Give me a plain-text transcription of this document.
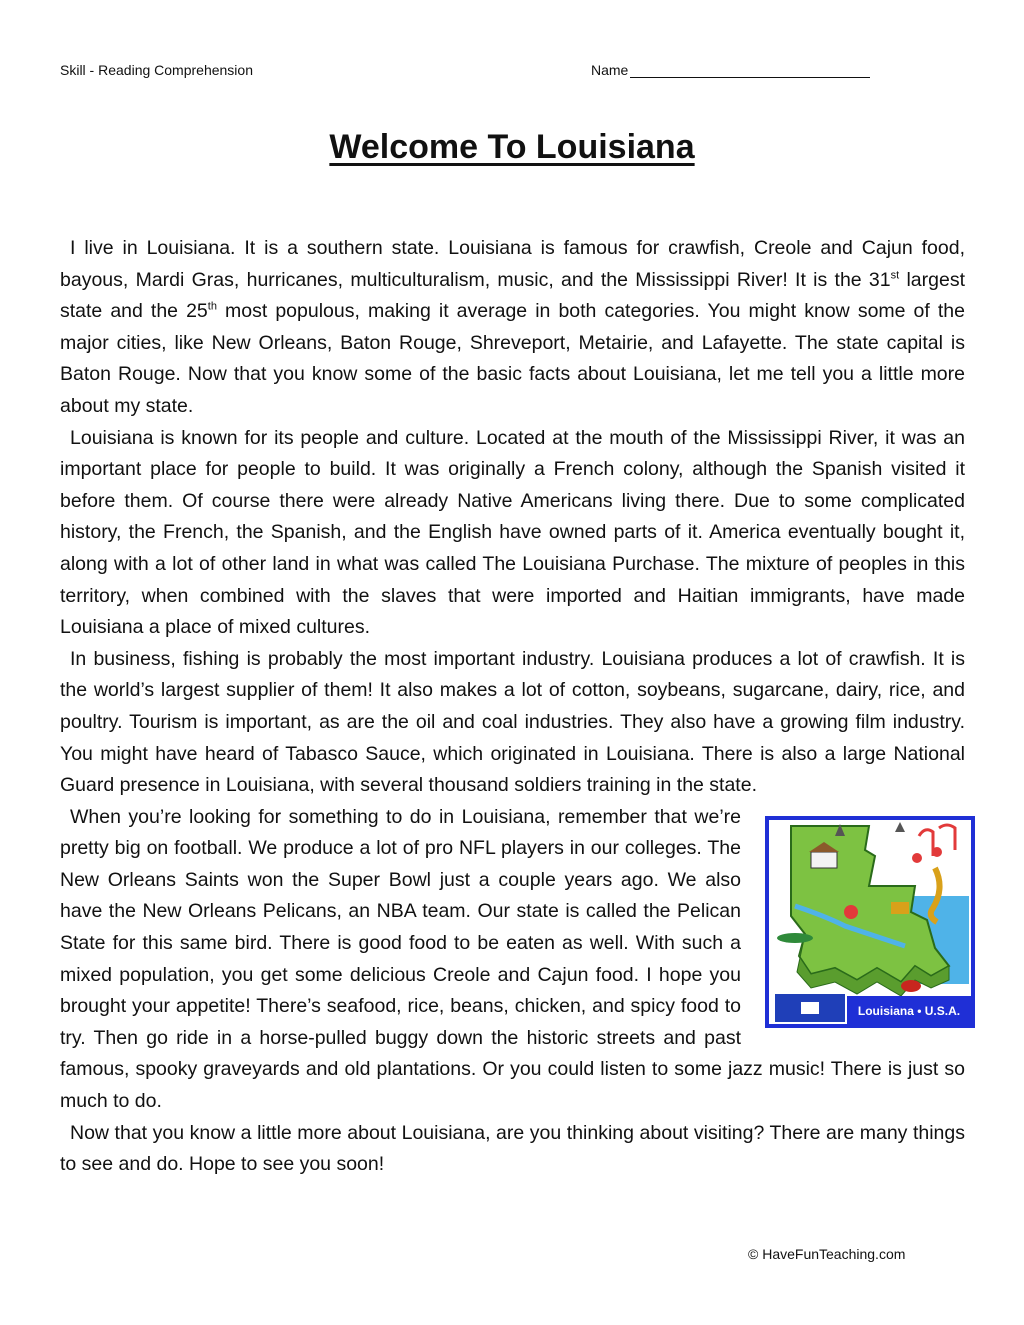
Skill - Reading Comprehension	Name
Welcome To Louisiana

I live in Louisiana. It is a southern state. Louisiana is famous for crawfish, Creole and Cajun food, bayous, Mardi Gras, hurricanes, multiculturalism, music, and the Mississippi River! It is the 31st largest state and the 25th most populous, making it average in both categories. You might know some of the major cities, like New Orleans, Baton Rouge, Shreveport, Metairie, and Lafayette. The state capital is Baton Rouge. Now that you know some of the basic facts about Louisiana, let me tell you a little more about my state.

Louisiana is known for its people and culture. Located at the mouth of the Mississippi River, it was an important place for people to build. It was originally a French colony, although the Spanish visited it before them. Of course there were already Native Americans living there. Due to some complicated history, the French, the Spanish, and the English have owned parts of it. America eventually bought it, along with a lot of other land in what was called The Louisiana Purchase. The mixture of peoples in this territory, when combined with the slaves that were imported and Haitian immigrants, have made Louisiana a place of mixed cultures.

In business, fishing is probably the most important industry. Louisiana produces a lot of crawfish. It is the world’s largest supplier of them! It also makes a lot of cotton, soybeans, sugarcane, dairy, rice, and poultry. Tourism is important, as are the oil and coal industries. They also have a growing film industry. You might have heard of Tabasco Sauce, which originated in Louisiana. There is also a large National Guard presence in Louisiana, with several thousand soldiers training in the state.

Louisiana • U.S.A.
When you’re looking for something to do in Louisiana, remember that we’re pretty big on football. We produce a lot of pro NFL players in our colleges. The New Orleans Saints won the Super Bowl just a couple years ago. We also have the New Orleans Pelicans, an NBA team. Our state is called the Pelican State for this same bird. There is good food to be eaten as well. With such a mixed population, you get some delicious Creole and Cajun food. I hope you brought your appetite! There’s seafood, rice, beans, chicken, and spicy food to try. Then go ride in a horse-pulled buggy down the historic streets and past famous, spooky graveyards and old plantations. Or you could listen to some jazz music! There is just so much to do.

Now that you know a little more about Louisiana, are you thinking about visiting? There are many things to see and do. Hope to see you soon!

© HaveFunTeaching.com
